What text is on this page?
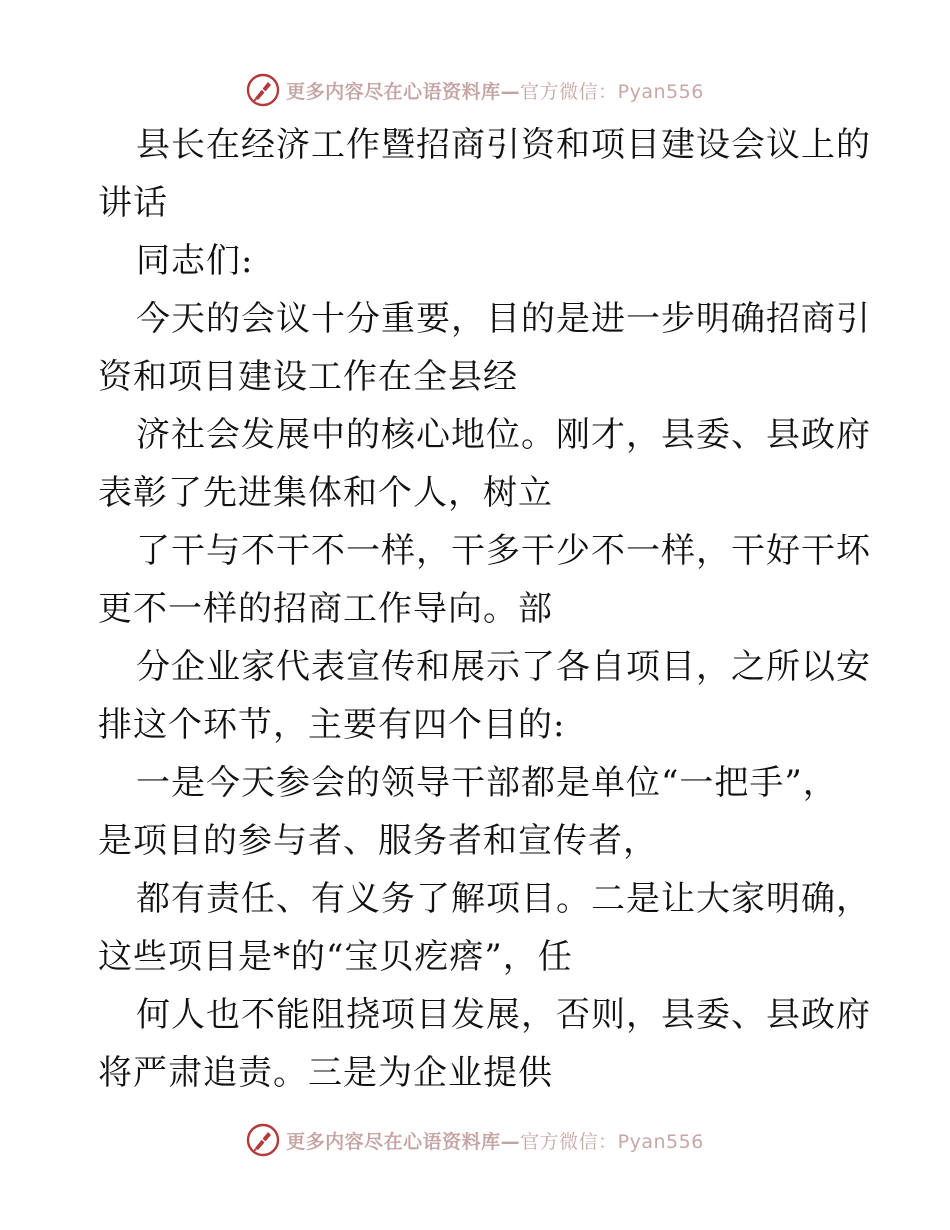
更多内容尽在心语资料库—官方微信：Pyan556
县长在经济工作暨招商引资和项目建设会议上的
讲话
同志们:
今天的会议十分重要，目的是进一步明确招商引
资和项目建设工作在全县经
济社会发展中的核心地位。刚才，县委、县政府
表彰了先进集体和个人，树立
了干与不干不一样，干多干少不一样，干好干坏
更不一样的招商工作导向。部
分企业家代表宣传和展示了各自项目，之所以安
排这个环节，主要有四个目的:
一是今天参会的领导干部都是单位“一把手”，
是项目的参与者、服务者和宣传者，
都有责任、有义务了解项目。二是让大家明确，
这些项目是*的“宝贝疙瘩”，任
何人也不能阻挠项目发展，否则，县委、县政府
将严肃追责。三是为企业提供
更多内容尽在心语资料库—官方微信：Pyan556
